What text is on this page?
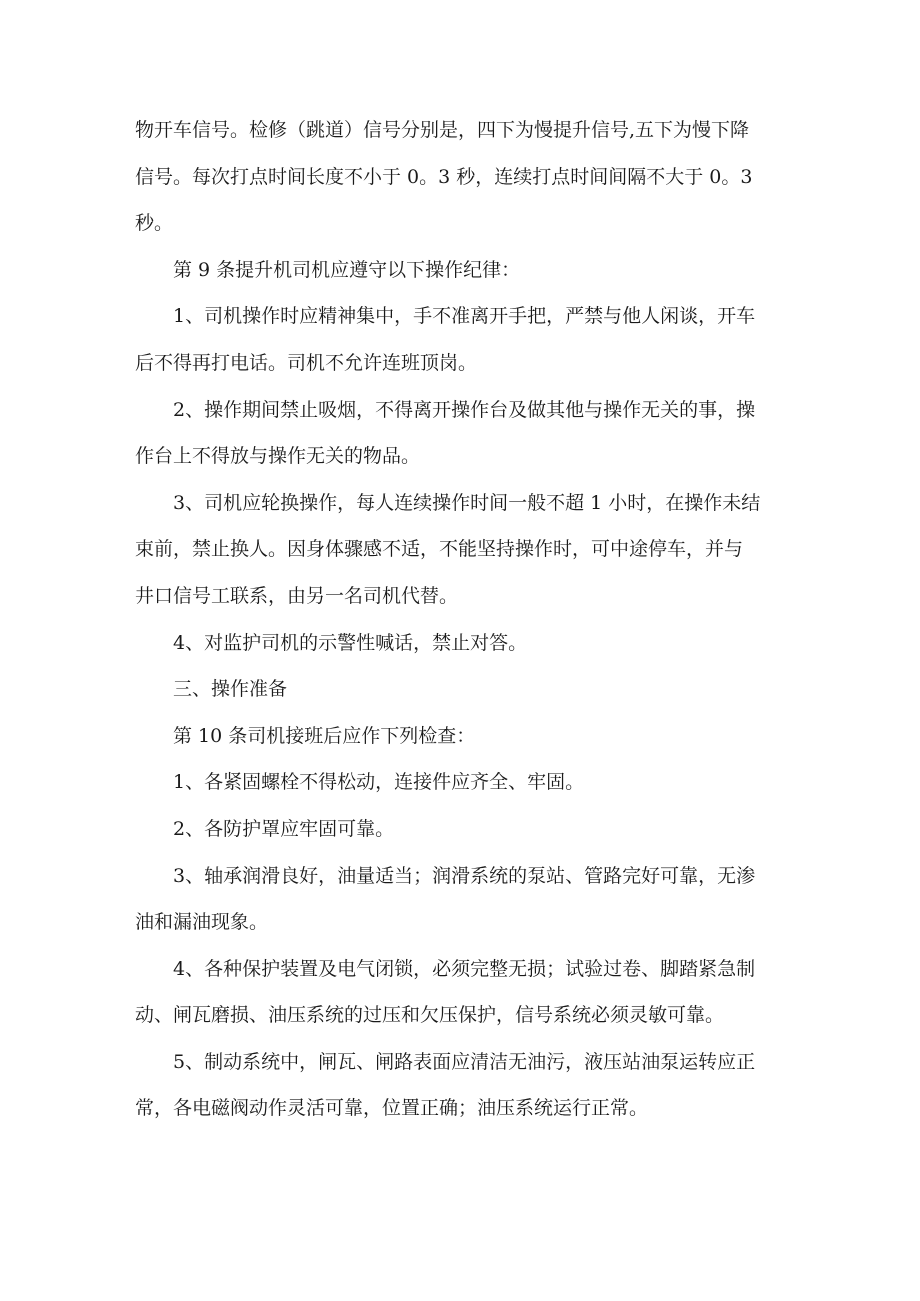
物开车信号。检修（跳道）信号分别是，四下为慢提升信号,五下为慢下降
信号。每次打点时间长度不小于 0。3 秒，连续打点时间间隔不大于 0。3
秒。

第 9 条提升机司机应遵守以下操作纪律：

1、司机操作时应精神集中，手不准离开手把，严禁与他人闲谈，开车
后不得再打电话。司机不允许连班顶岗。

2、操作期间禁止吸烟，不得离开操作台及做其他与操作无关的事，操
作台上不得放与操作无关的物品。

3、司机应轮换操作，每人连续操作时间一般不超 1 小时，在操作未结
束前，禁止换人。因身体骤感不适，不能坚持操作时，可中途停车，并与
井口信号工联系，由另一名司机代替。

4、对监护司机的示警性喊话，禁止对答。

三、操作准备

第 10 条司机接班后应作下列检查：

1、各紧固螺栓不得松动，连接件应齐全、牢固。

2、各防护罩应牢固可靠。

3、轴承润滑良好，油量适当；润滑系统的泵站、管路完好可靠，无渗
油和漏油现象。

4、各种保护装置及电气闭锁，必须完整无损；试验过卷、脚踏紧急制
动、闸瓦磨损、油压系统的过压和欠压保护，信号系统必须灵敏可靠。

5、制动系统中，闸瓦、闸路表面应清洁无油污，液压站油泵运转应正
常，各电磁阀动作灵活可靠，位置正确；油压系统运行正常。
